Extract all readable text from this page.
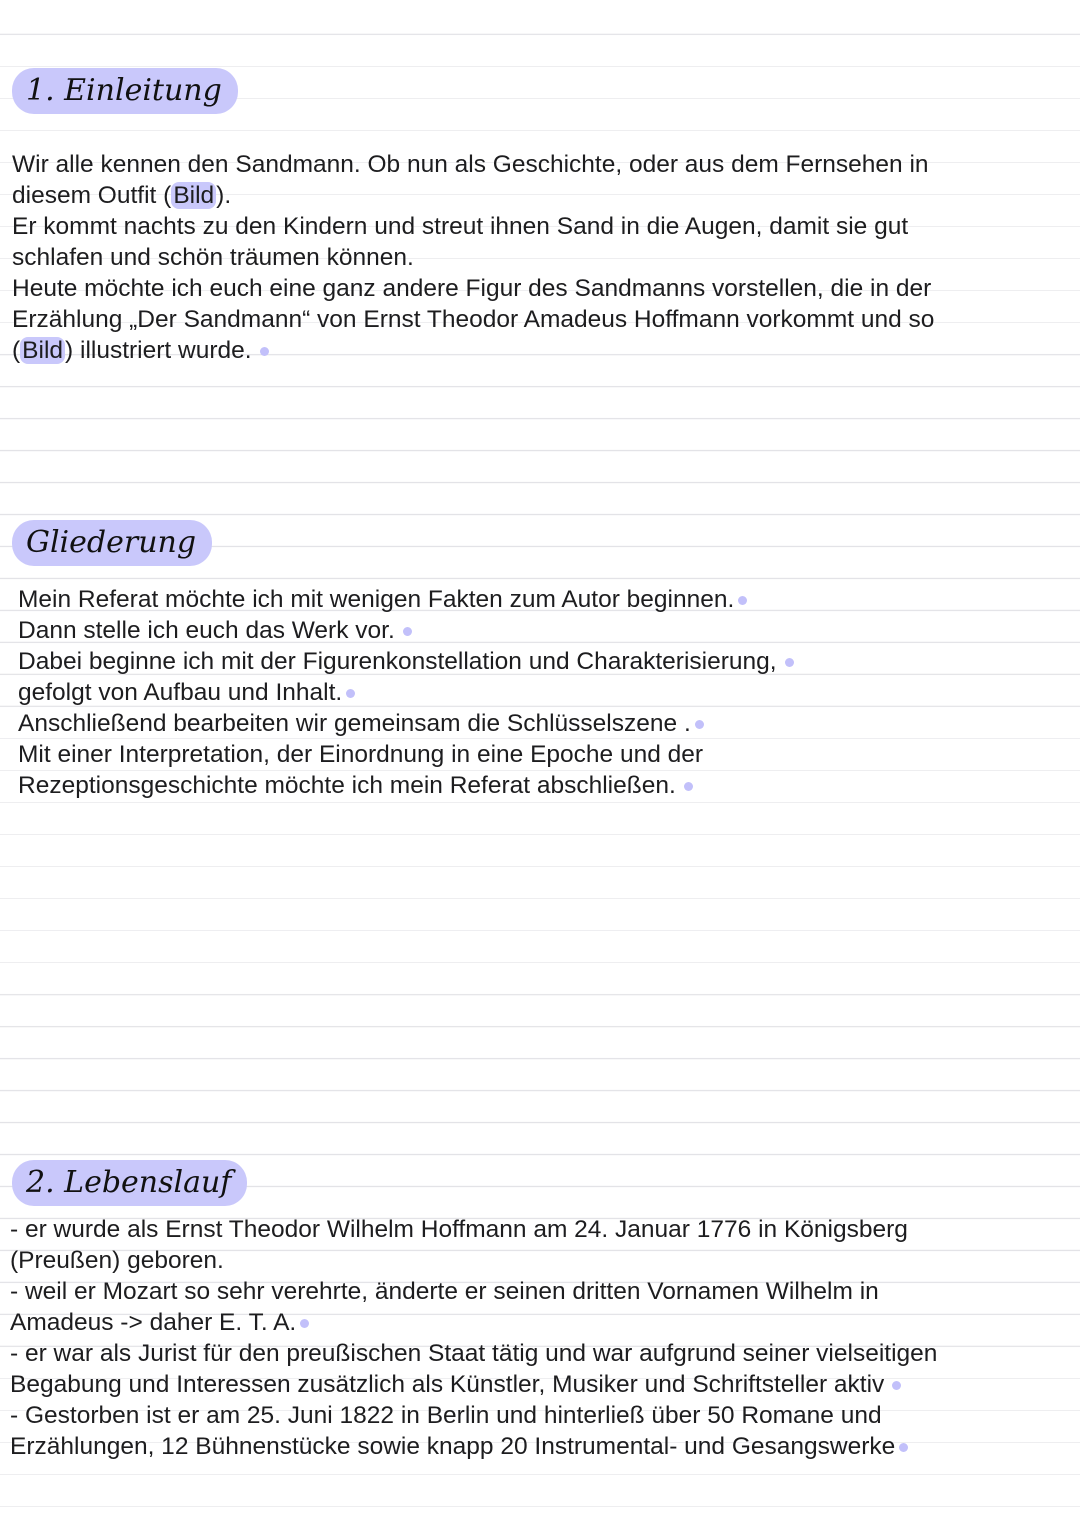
1. Einleitung
Wir alle kennen den Sandmann. Ob nun als Geschichte, oder aus dem Fernsehen in
diesem Outfit (Bild).
Er kommt nachts zu den Kindern und streut ihnen Sand in die Augen, damit sie gut
schlafen und schön träumen können.
Heute möchte ich euch eine ganz andere Figur des Sandmanns vorstellen, die in der
Erzählung „Der Sandmann“ von Ernst Theodor Amadeus Hoffmann vorkommt und so
(Bild) illustriert wurde.
Gliederung
Mein Referat möchte ich mit wenigen Fakten zum Autor beginnen.
Dann stelle ich euch das Werk vor.
Dabei beginne ich mit der Figurenkonstellation und Charakterisierung,
gefolgt von Aufbau und Inhalt.
Anschließend bearbeiten wir gemeinsam die Schlüsselszene .
Mit einer Interpretation, der Einordnung in eine Epoche und der
Rezeptionsgeschichte möchte ich mein Referat abschließen.
2. Lebenslauf
- er wurde als Ernst Theodor Wilhelm Hoffmann am 24. Januar 1776 in Königsberg
(Preußen) geboren.
- weil er Mozart so sehr verehrte, änderte er seinen dritten Vornamen Wilhelm in
Amadeus -> daher E. T. A.
- er war als Jurist für den preußischen Staat tätig und war aufgrund seiner vielseitigen
Begabung und Interessen zusätzlich als Künstler, Musiker und Schriftsteller aktiv
- Gestorben ist er am 25. Juni 1822 in Berlin und hinterließ über 50 Romane und
Erzählungen, 12 Bühnenstücke sowie knapp 20 Instrumental- und Gesangswerke
